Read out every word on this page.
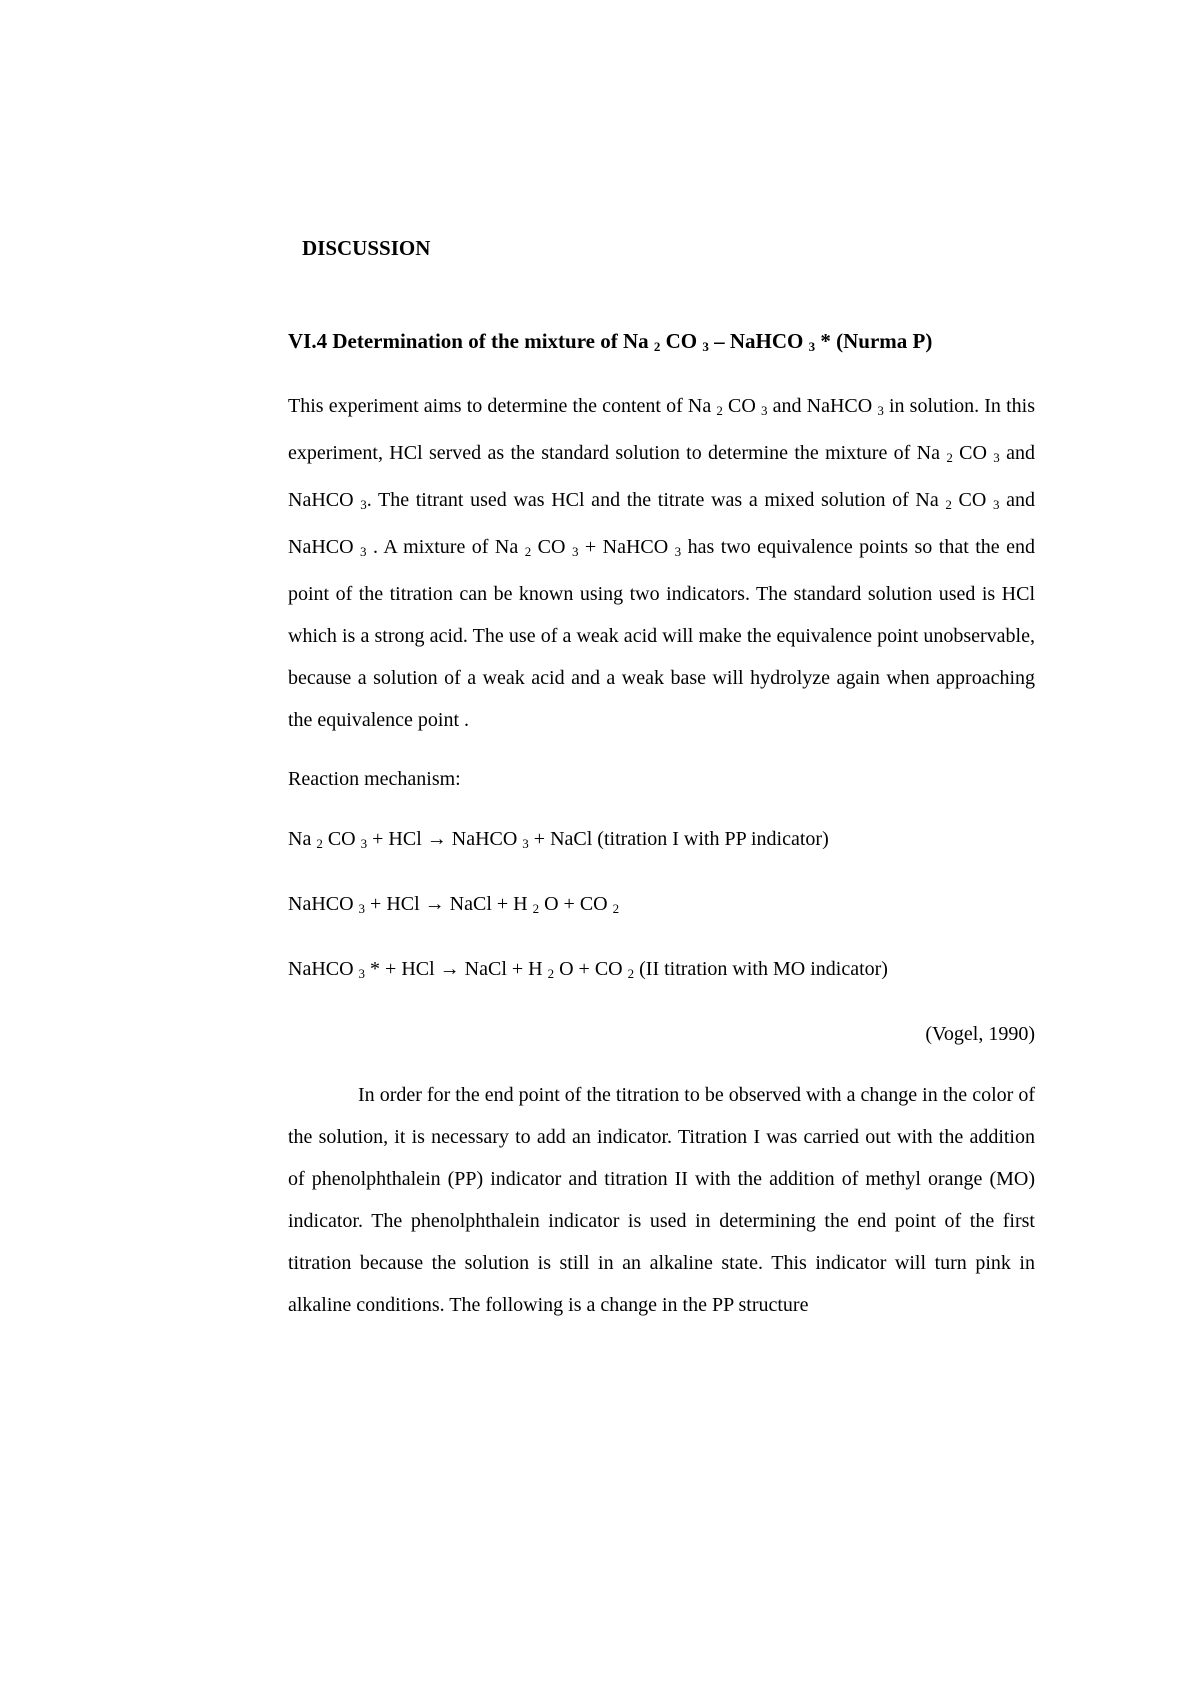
DISCUSSION
VI.4 Determination of the mixture of Na $_2$ CO $_3$ – NaHCO $_3$ * (Nurma P)

This experiment aims to determine the content of Na $_2$ CO $_3$ and NaHCO $_3$ in solution. In this experiment, HCl served as the standard solution to determine the mixture of Na $_2$ CO $_3$ and NaHCO $_3$. The titrant used was HCl and the titrate was a mixed solution of Na $_2$ CO $_3$ and NaHCO $_3$ . A mixture of Na $_2$ CO $_3$ + NaHCO $_3$ has two equivalence points so that the end point of the titration can be known using two indicators. The standard solution used is HCl which is a strong acid. The use of a weak acid will make the equivalence point unobservable, because a solution of a weak acid and a weak base will hydrolyze again when approaching the equivalence point .

Reaction mechanism:
Na $_2$ CO $_3$ + HCl → NaHCO $_3$ + NaCl (titration I with PP indicator)
NaHCO $_3$ + HCl → NaCl + H $_2$ O + CO $_2$
NaHCO $_3$ * + HCl → NaCl + H $_2$ O + CO $_2$ (II titration with MO indicator)
(Vogel, 1990)

In order for the end point of the titration to be observed with a change in the color of the solution, it is necessary to add an indicator. Titration I was carried out with the addition of phenolphthalein (PP) indicator and titration II with the addition of methyl orange (MO) indicator. The phenolphthalein indicator is used in determining the end point of the first titration because the solution is still in an alkaline state. This indicator will turn pink in alkaline conditions. The following is a change in the PP structure
